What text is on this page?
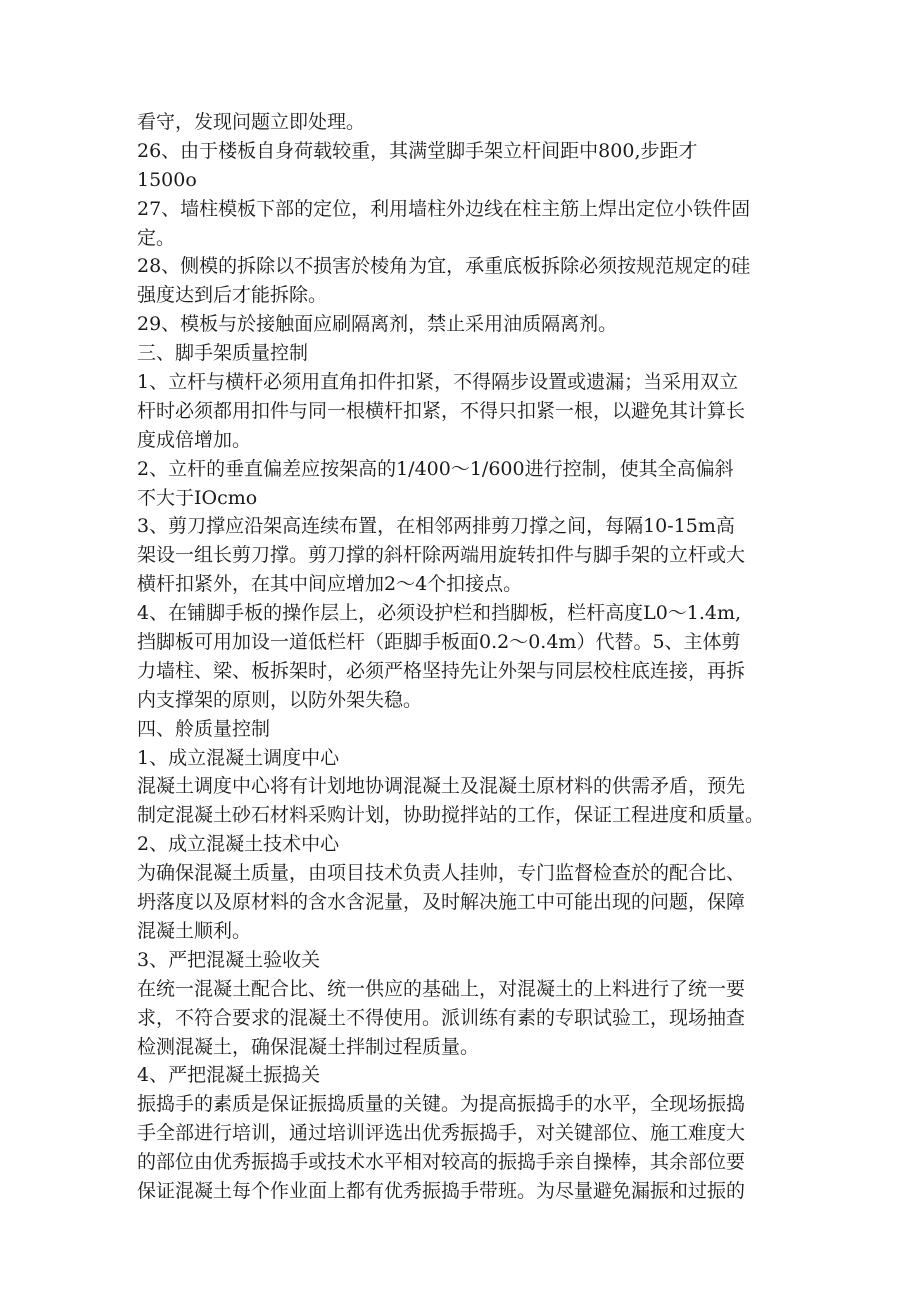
看守，发现问题立即处理。
26、由于楼板自身荷载较重，其满堂脚手架立杆间距中800,步距才
1500o
27、墙柱模板下部的定位，利用墙柱外边线在柱主筋上焊出定位小铁件固
定。
28、侧模的拆除以不损害於棱角为宜，承重底板拆除必须按规范规定的硅
强度达到后才能拆除。
29、模板与於接触面应刷隔离剂，禁止采用油质隔离剂。
三、脚手架质量控制
1、立杆与横杆必须用直角扣件扣紧，不得隔步设置或遗漏；当采用双立
杆时必须都用扣件与同一根横杆扣紧，不得只扣紧一根，以避免其计算长
度成倍增加。
2、立杆的垂直偏差应按架高的1/400～1/600进行控制，使其全高偏斜
不大于IOcmo
3、剪刀撑应沿架高连续布置，在相邻两排剪刀撑之间，每隔10-15m高
架设一组长剪刀撑。剪刀撑的斜杆除两端用旋转扣件与脚手架的立杆或大
横杆扣紧外，在其中间应增加2～4个扣接点。
4、在铺脚手板的操作层上，必须设护栏和挡脚板，栏杆高度L0～1.4m,
挡脚板可用加设一道低栏杆（距脚手板面0.2～0.4m）代替。5、主体剪
力墙柱、梁、板拆架时，必须严格坚持先让外架与同层校柱底连接，再拆
内支撑架的原则，以防外架失稳。
四、舲质量控制
1、成立混凝土调度中心
混凝土调度中心将有计划地协调混凝土及混凝土原材料的供需矛盾，预先
制定混凝土砂石材料采购计划，协助搅拌站的工作，保证工程进度和质量。
2、成立混凝土技术中心
为确保混凝土质量，由项目技术负责人挂帅，专门监督检查於的配合比、
坍落度以及原材料的含水含泥量，及时解决施工中可能出现的问题，保障
混凝土顺利。
3、严把混凝土验收关
在统一混凝土配合比、统一供应的基础上，对混凝土的上料进行了统一要
求，不符合要求的混凝土不得使用。派训练有素的专职试验工，现场抽查
检测混凝土，确保混凝土拌制过程质量。
4、严把混凝土振捣关
振捣手的素质是保证振捣质量的关键。为提高振捣手的水平，全现场振捣
手全部进行培训，通过培训评选出优秀振捣手，对关键部位、施工难度大
的部位由优秀振捣手或技术水平相对较高的振捣手亲自操棒，其余部位要
保证混凝土每个作业面上都有优秀振捣手带班。为尽量避免漏振和过振的
